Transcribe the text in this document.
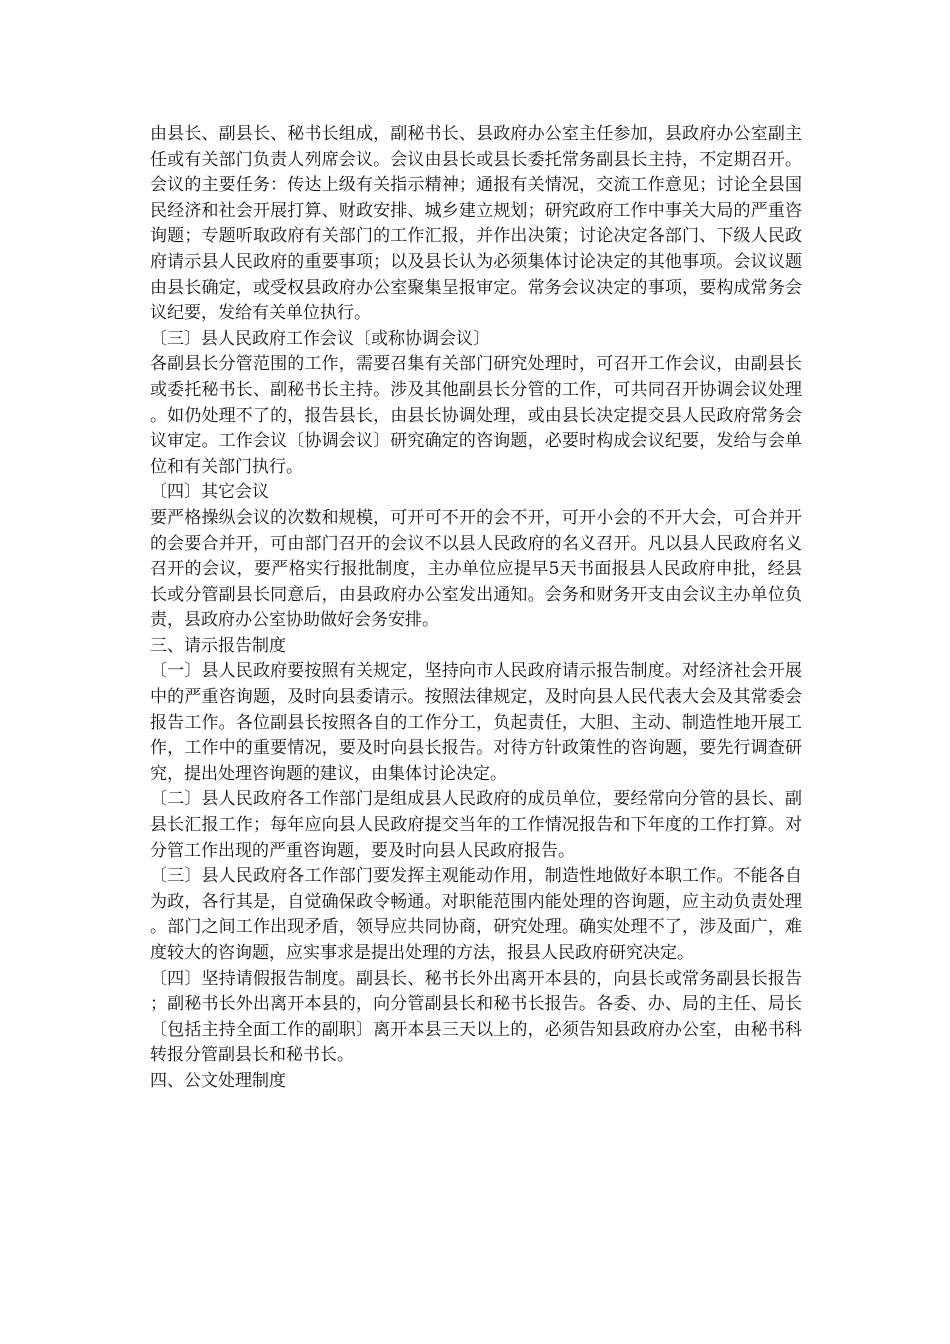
由县长、副县长、秘书长组成，副秘书长、县政府办公室主任参加，县政府办公室副主任或有关部门负责人列席会议。会议由县长或县长委托常务副县长主持，不定期召开。会议的主要任务：传达上级有关指示精神；通报有关情况，交流工作意见；讨论全县国民经济和社会开展打算、财政安排、城乡建立规划；研究政府工作中事关大局的严重咨询题；专题听取政府有关部门的工作汇报，并作出决策；讨论决定各部门、下级人民政府请示县人民政府的重要事项；以及县长认为必须集体讨论决定的其他事项。会议议题由县长确定，或受权县政府办公室聚集呈报审定。常务会议决定的事项，要构成常务会议纪要，发给有关单位执行。

〔三〕县人民政府工作会议〔或称协调会议〕

各副县长分管范围的工作，需要召集有关部门研究处理时，可召开工作会议，由副县长或委托秘书长、副秘书长主持。涉及其他副县长分管的工作，可共同召开协调会议处理。如仍处理不了的，报告县长，由县长协调处理，或由县长决定提交县人民政府常务会议审定。工作会议〔协调会议〕研究确定的咨询题，必要时构成会议纪要，发给与会单位和有关部门执行。

〔四〕其它会议

要严格操纵会议的次数和规模，可开可不开的会不开，可开小会的不开大会，可合并开的会要合并开，可由部门召开的会议不以县人民政府的名义召开。凡以县人民政府名义召开的会议，要严格实行报批制度，主办单位应提早5天书面报县人民政府申批，经县长或分管副县长同意后，由县政府办公室发出通知。会务和财务开支由会议主办单位负责，县政府办公室协助做好会务安排。

三、请示报告制度

〔一〕县人民政府要按照有关规定，坚持向市人民政府请示报告制度。对经济社会开展中的严重咨询题，及时向县委请示。按照法律规定，及时向县人民代表大会及其常委会报告工作。各位副县长按照各自的工作分工，负起责任，大胆、主动、制造性地开展工作，工作中的重要情况，要及时向县长报告。对待方针政策性的咨询题，要先行调查研究，提出处理咨询题的建议，由集体讨论决定。

〔二〕县人民政府各工作部门是组成县人民政府的成员单位，要经常向分管的县长、副县长汇报工作；每年应向县人民政府提交当年的工作情况报告和下年度的工作打算。对分管工作出现的严重咨询题，要及时向县人民政府报告。

〔三〕县人民政府各工作部门要发挥主观能动作用，制造性地做好本职工作。不能各自为政，各行其是，自觉确保政令畅通。对职能范围内能处理的咨询题，应主动负责处理。部门之间工作出现矛盾，领导应共同协商，研究处理。确实处理不了，涉及面广，难度较大的咨询题，应实事求是提出处理的方法，报县人民政府研究决定。

〔四〕坚持请假报告制度。副县长、秘书长外出离开本县的，向县长或常务副县长报告；副秘书长外出离开本县的，向分管副县长和秘书长报告。各委、办、局的主任、局长〔包括主持全面工作的副职〕离开本县三天以上的，必须告知县政府办公室，由秘书科转报分管副县长和秘书长。

四、公文处理制度
